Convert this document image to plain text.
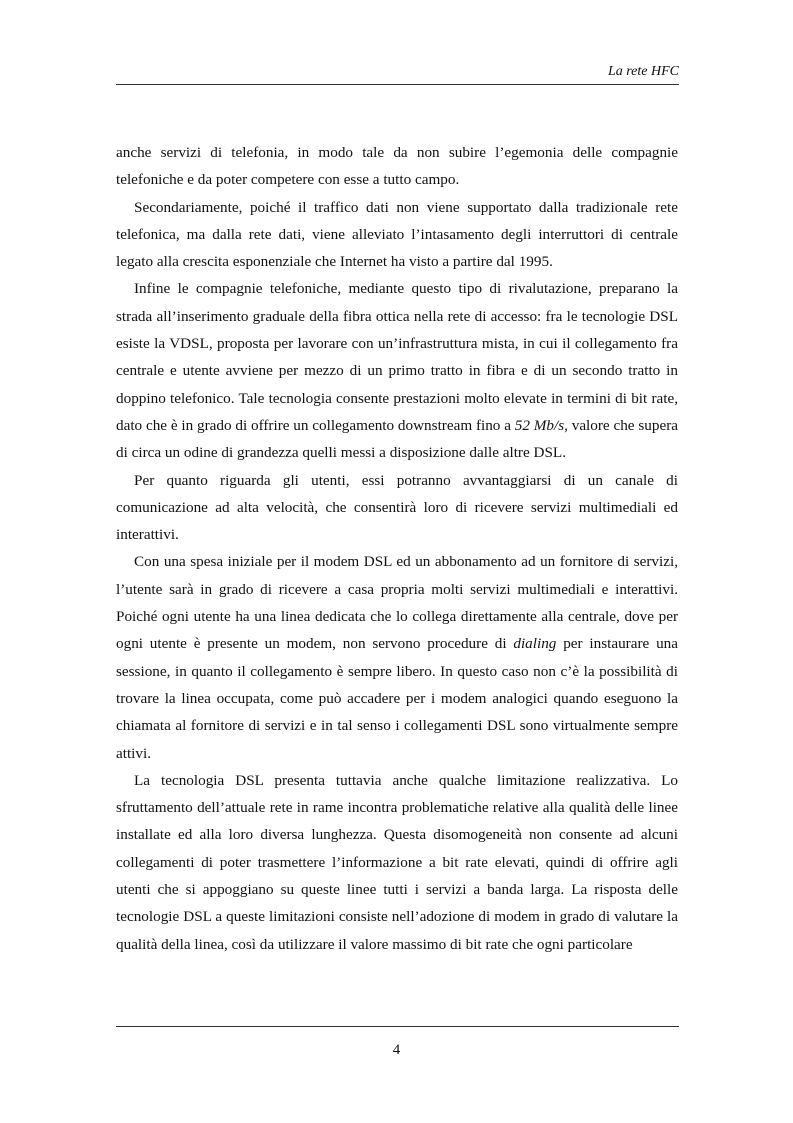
La rete HFC

anche servizi di telefonia, in modo tale da non subire l’egemonia delle compagnie telefoniche e da poter competere con esse a tutto campo.

Secondariamente, poiché il traffico dati non viene supportato dalla tradizionale rete telefonica, ma dalla rete dati, viene alleviato l’intasamento degli interruttori di centrale legato alla crescita esponenziale che Internet ha visto a partire dal 1995.

Infine le compagnie telefoniche, mediante questo tipo di rivalutazione, preparano la strada all’inserimento graduale della fibra ottica nella rete di accesso: fra le tecnologie DSL esiste la VDSL, proposta per lavorare con un’infrastruttura mista, in cui il collegamento fra centrale e utente avviene per mezzo di un primo tratto in fibra e di un secondo tratto in doppino telefonico. Tale tecnologia consente prestazioni molto elevate in termini di bit rate, dato che è in grado di offrire un collegamento downstream fino a 52 Mb/s, valore che supera di circa un odine di grandezza quelli messi a disposizione dalle altre DSL.

Per quanto riguarda gli utenti, essi potranno avvantaggiarsi di un canale di comunicazione ad alta velocità, che consentirà loro di ricevere servizi multimediali ed interattivi.

Con una spesa iniziale per il modem DSL ed un abbonamento ad un fornitore di servizi, l’utente sarà in grado di ricevere a casa propria molti servizi multimediali e interattivi. Poiché ogni utente ha una linea dedicata che lo collega direttamente alla centrale, dove per ogni utente è presente un modem, non servono procedure di dialing per instaurare una sessione, in quanto il collegamento è sempre libero. In questo caso non c’è la possibilità di trovare la linea occupata, come può accadere per i modem analogici quando eseguono la chiamata al fornitore di servizi e in tal senso i collegamenti DSL sono virtualmente sempre attivi.

La tecnologia DSL presenta tuttavia anche qualche limitazione realizzativa. Lo sfruttamento dell’attuale rete in rame incontra problematiche relative alla qualità delle linee installate ed alla loro diversa lunghezza. Questa disomogeneità non consente ad alcuni collegamenti di poter trasmettere l’informazione a bit rate elevati, quindi di offrire agli utenti che si appoggiano su queste linee tutti i servizi a banda larga. La risposta delle tecnologie DSL a queste limitazioni consiste nell’adozione di modem in grado di valutare la qualità della linea, così da utilizzare il valore massimo di bit rate che ogni particolare

4
